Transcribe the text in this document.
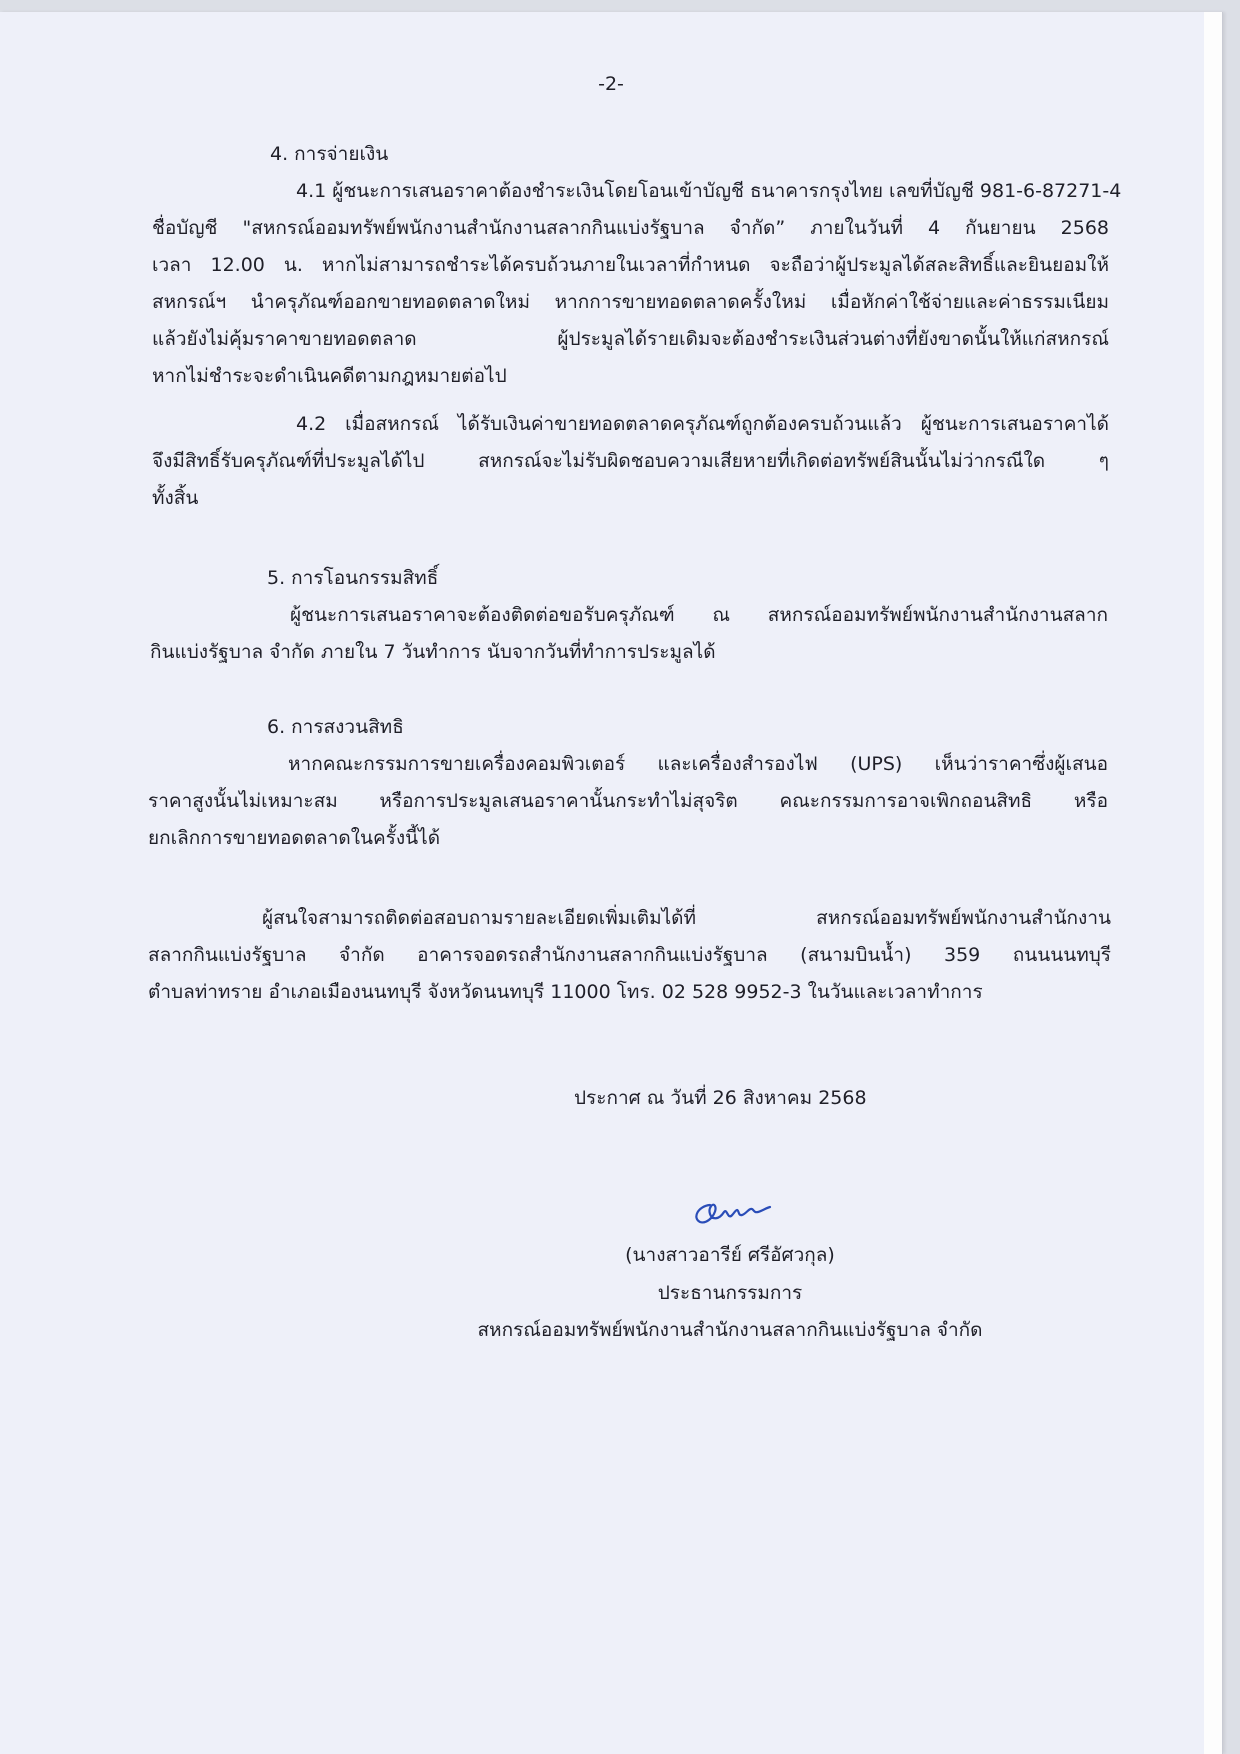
-2-
4. การจ่ายเงิน

4.1 ผู้ชนะการเสนอราคาต้องชำระเงินโดยโอนเข้าบัญชี ธนาคารกรุงไทย เลขที่บัญชี 981-6-87271-4

ชื่อบัญชี "สหกรณ์ออมทรัพย์พนักงานสำนักงานสลากกินแบ่งรัฐบาล จำกัด” ภายในวันที่ 4 กันยายน 2568

เวลา 12.00 น. หากไม่สามารถชำระได้ครบถ้วนภายในเวลาที่กำหนด จะถือว่าผู้ประมูลได้สละสิทธิ์และยินยอมให้

สหกรณ์ฯ นำครุภัณฑ์ออกขายทอดตลาดใหม่ หากการขายทอดตลาดครั้งใหม่ เมื่อหักค่าใช้จ่ายและค่าธรรมเนียม

แล้วยังไม่คุ้มราคาขายทอดตลาด ผู้ประมูลได้รายเดิมจะต้องชำระเงินส่วนต่างที่ยังขาดนั้นให้แก่สหกรณ์

หากไม่ชำระจะดำเนินคดีตามกฎหมายต่อไป

4.2 เมื่อสหกรณ์ ได้รับเงินค่าขายทอดตลาดครุภัณฑ์ถูกต้องครบถ้วนแล้ว ผู้ชนะการเสนอราคาได้

จึงมีสิทธิ์รับครุภัณฑ์ที่ประมูลได้ไป สหกรณ์จะไม่รับผิดชอบความเสียหายที่เกิดต่อทรัพย์สินนั้นไม่ว่ากรณีใด ๆ

ทั้งสิ้น

5. การโอนกรรมสิทธิ์

ผู้ชนะการเสนอราคาจะต้องติดต่อขอรับครุภัณฑ์ ณ สหกรณ์ออมทรัพย์พนักงานสำนักงานสลาก

กินแบ่งรัฐบาล จำกัด ภายใน 7 วันทำการ นับจากวันที่ทำการประมูลได้

6. การสงวนสิทธิ

หากคณะกรรมการขายเครื่องคอมพิวเตอร์ และเครื่องสำรองไฟ (UPS) เห็นว่าราคาซึ่งผู้เสนอ

ราคาสูงนั้นไม่เหมาะสม หรือการประมูลเสนอราคานั้นกระทำไม่สุจริต คณะกรรมการอาจเพิกถอนสิทธิ หรือ

ยกเลิกการขายทอดตลาดในครั้งนี้ได้

ผู้สนใจสามารถติดต่อสอบถามรายละเอียดเพิ่มเติมได้ที่ สหกรณ์ออมทรัพย์พนักงานสำนักงาน

สลากกินแบ่งรัฐบาล จำกัด อาคารจอดรถสำนักงานสลากกินแบ่งรัฐบาล (สนามบินน้ำ) 359 ถนนนนทบุรี

ตำบลท่าทราย อำเภอเมืองนนทบุรี จังหวัดนนทบุรี 11000 โทร. 02 528 9952-3 ในวันและเวลาทำการ

ประกาศ ณ วันที่ 26 สิงหาคม 2568
(นางสาวอารีย์ ศรีอัศวกุล)
ประธานกรรมการ
สหกรณ์ออมทรัพย์พนักงานสำนักงานสลากกินแบ่งรัฐบาล จำกัด
